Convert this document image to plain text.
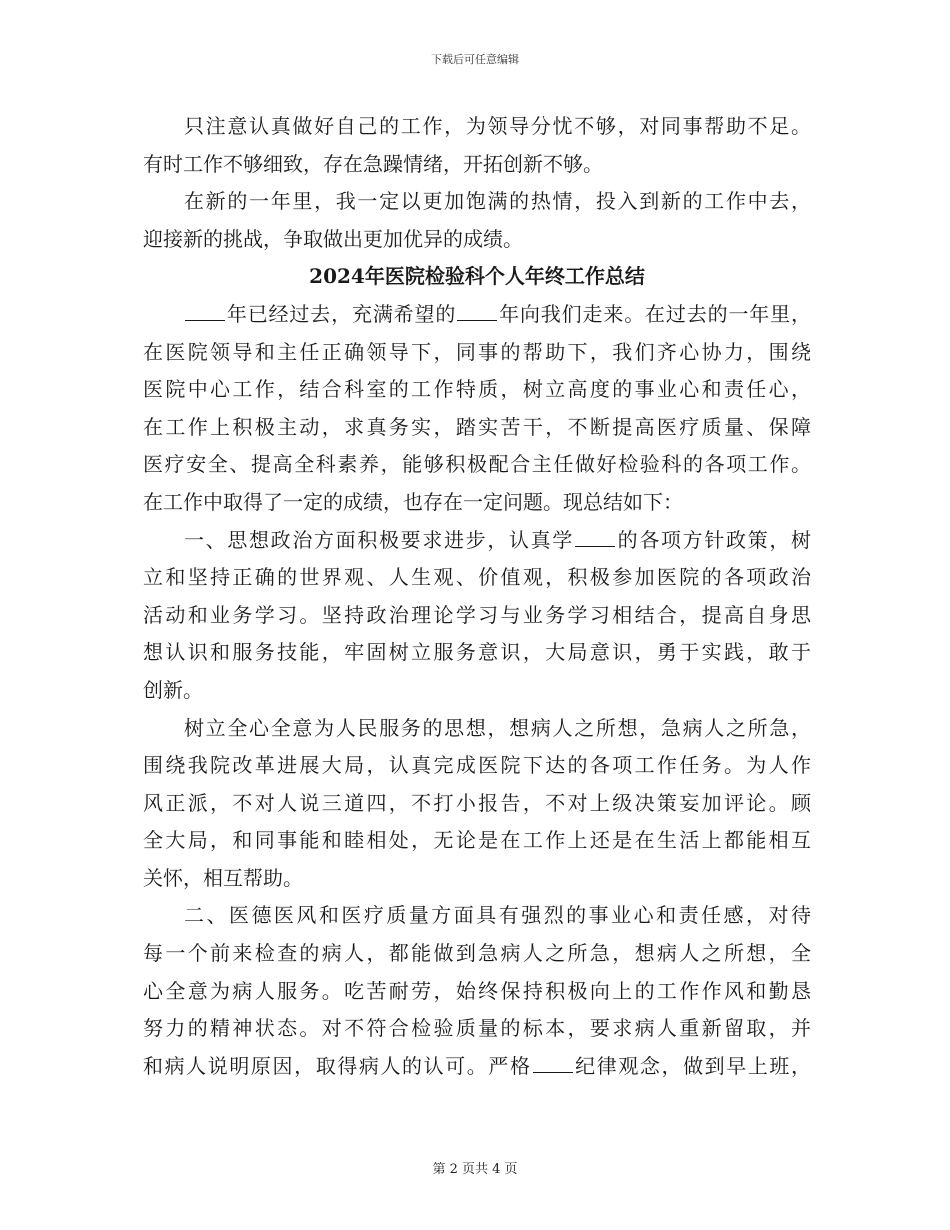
下载后可任意编辑
只注意认真做好自己的工作，为领导分忧不够，对同事帮助不足。
有时工作不够细致，存在急躁情绪，开拓创新不够。
在新的一年里，我一定以更加饱满的热情，投入到新的工作中去，
迎接新的挑战，争取做出更加优异的成绩。
2024年医院检验科个人年终工作总结
年已经过去，充满希望的 年向我们走来。在过去的一年里，
在医院领导和主任正确领导下，同事的帮助下，我们齐心协力，围绕
医院中心工作，结合科室的工作特质，树立高度的事业心和责任心，
在工作上积极主动，求真务实，踏实苦干，不断提高医疗质量、保障
医疗安全、提高全科素养，能够积极配合主任做好检验科的各项工作。
在工作中取得了一定的成绩，也存在一定问题。现总结如下：
一、思想政治方面积极要求进步，认真学 的各项方针政策，树
立和坚持正确的世界观、人生观、价值观，积极参加医院的各项政治
活动和业务学习。坚持政治理论学习与业务学习相结合，提高自身思
想认识和服务技能，牢固树立服务意识，大局意识，勇于实践，敢于
创新。
树立全心全意为人民服务的思想，想病人之所想，急病人之所急，
围绕我院改革进展大局，认真完成医院下达的各项工作任务。为人作
风正派，不对人说三道四，不打小报告，不对上级决策妄加评论。顾
全大局，和同事能和睦相处，无论是在工作上还是在生活上都能相互
关怀，相互帮助。
二、医德医风和医疗质量方面具有强烈的事业心和责任感，对待
每一个前来检查的病人，都能做到急病人之所急，想病人之所想，全
心全意为病人服务。吃苦耐劳，始终保持积极向上的工作作风和勤恳
努力的精神状态。对不符合检验质量的标本，要求病人重新留取，并
和病人说明原因，取得病人的认可。严格 纪律观念，做到早上班，
第 2 页共 4 页
